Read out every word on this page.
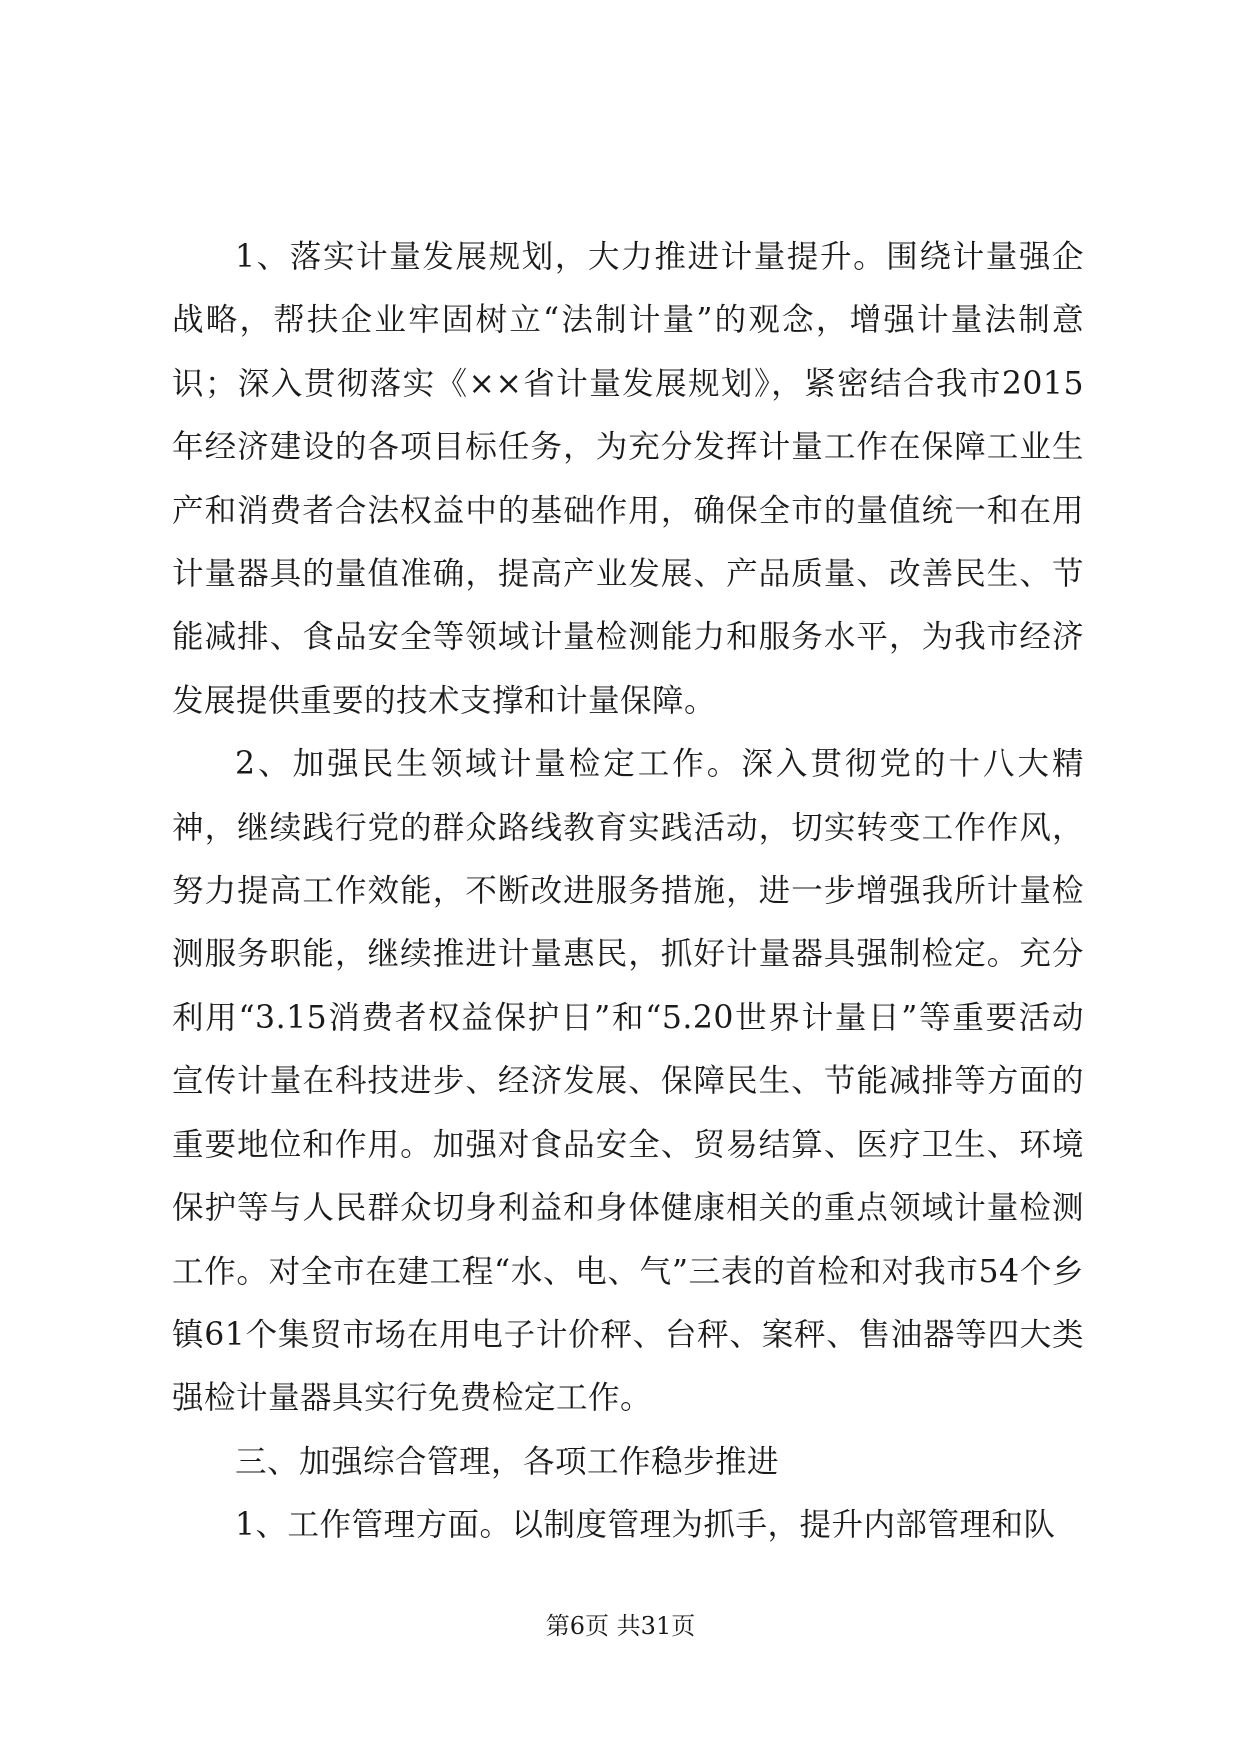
1、落实计量发展规划，大力推进计量提升。围绕计量强企战略，帮扶企业牢固树立“法制计量”的观念，增强计量法制意识；深入贯彻落实《××省计量发展规划》，紧密结合我市2015年经济建设的各项目标任务，为充分发挥计量工作在保障工业生产和消费者合法权益中的基础作用，确保全市的量值统一和在用计量器具的量值准确，提高产业发展、产品质量、改善民生、节能减排、食品安全等领域计量检测能力和服务水平，为我市经济发展提供重要的技术支撑和计量保障。

2、加强民生领域计量检定工作。深入贯彻党的十八大精神，继续践行党的群众路线教育实践活动，切实转变工作作风，努力提高工作效能，不断改进服务措施，进一步增强我所计量检测服务职能，继续推进计量惠民，抓好计量器具强制检定。充分利用“3.15消费者权益保护日”和“5.20世界计量日”等重要活动宣传计量在科技进步、经济发展、保障民生、节能减排等方面的重要地位和作用。加强对食品安全、贸易结算、医疗卫生、环境保护等与人民群众切身利益和身体健康相关的重点领域计量检测工作。对全市在建工程“水、电、气”三表的首检和对我市54个乡镇61个集贸市场在用电子计价秤、台秤、案秤、售油器等四大类强检计量器具实行免费检定工作。

三、加强综合管理，各项工作稳步推进

1、工作管理方面。以制度管理为抓手，提升内部管理和队

第6页 共31页
